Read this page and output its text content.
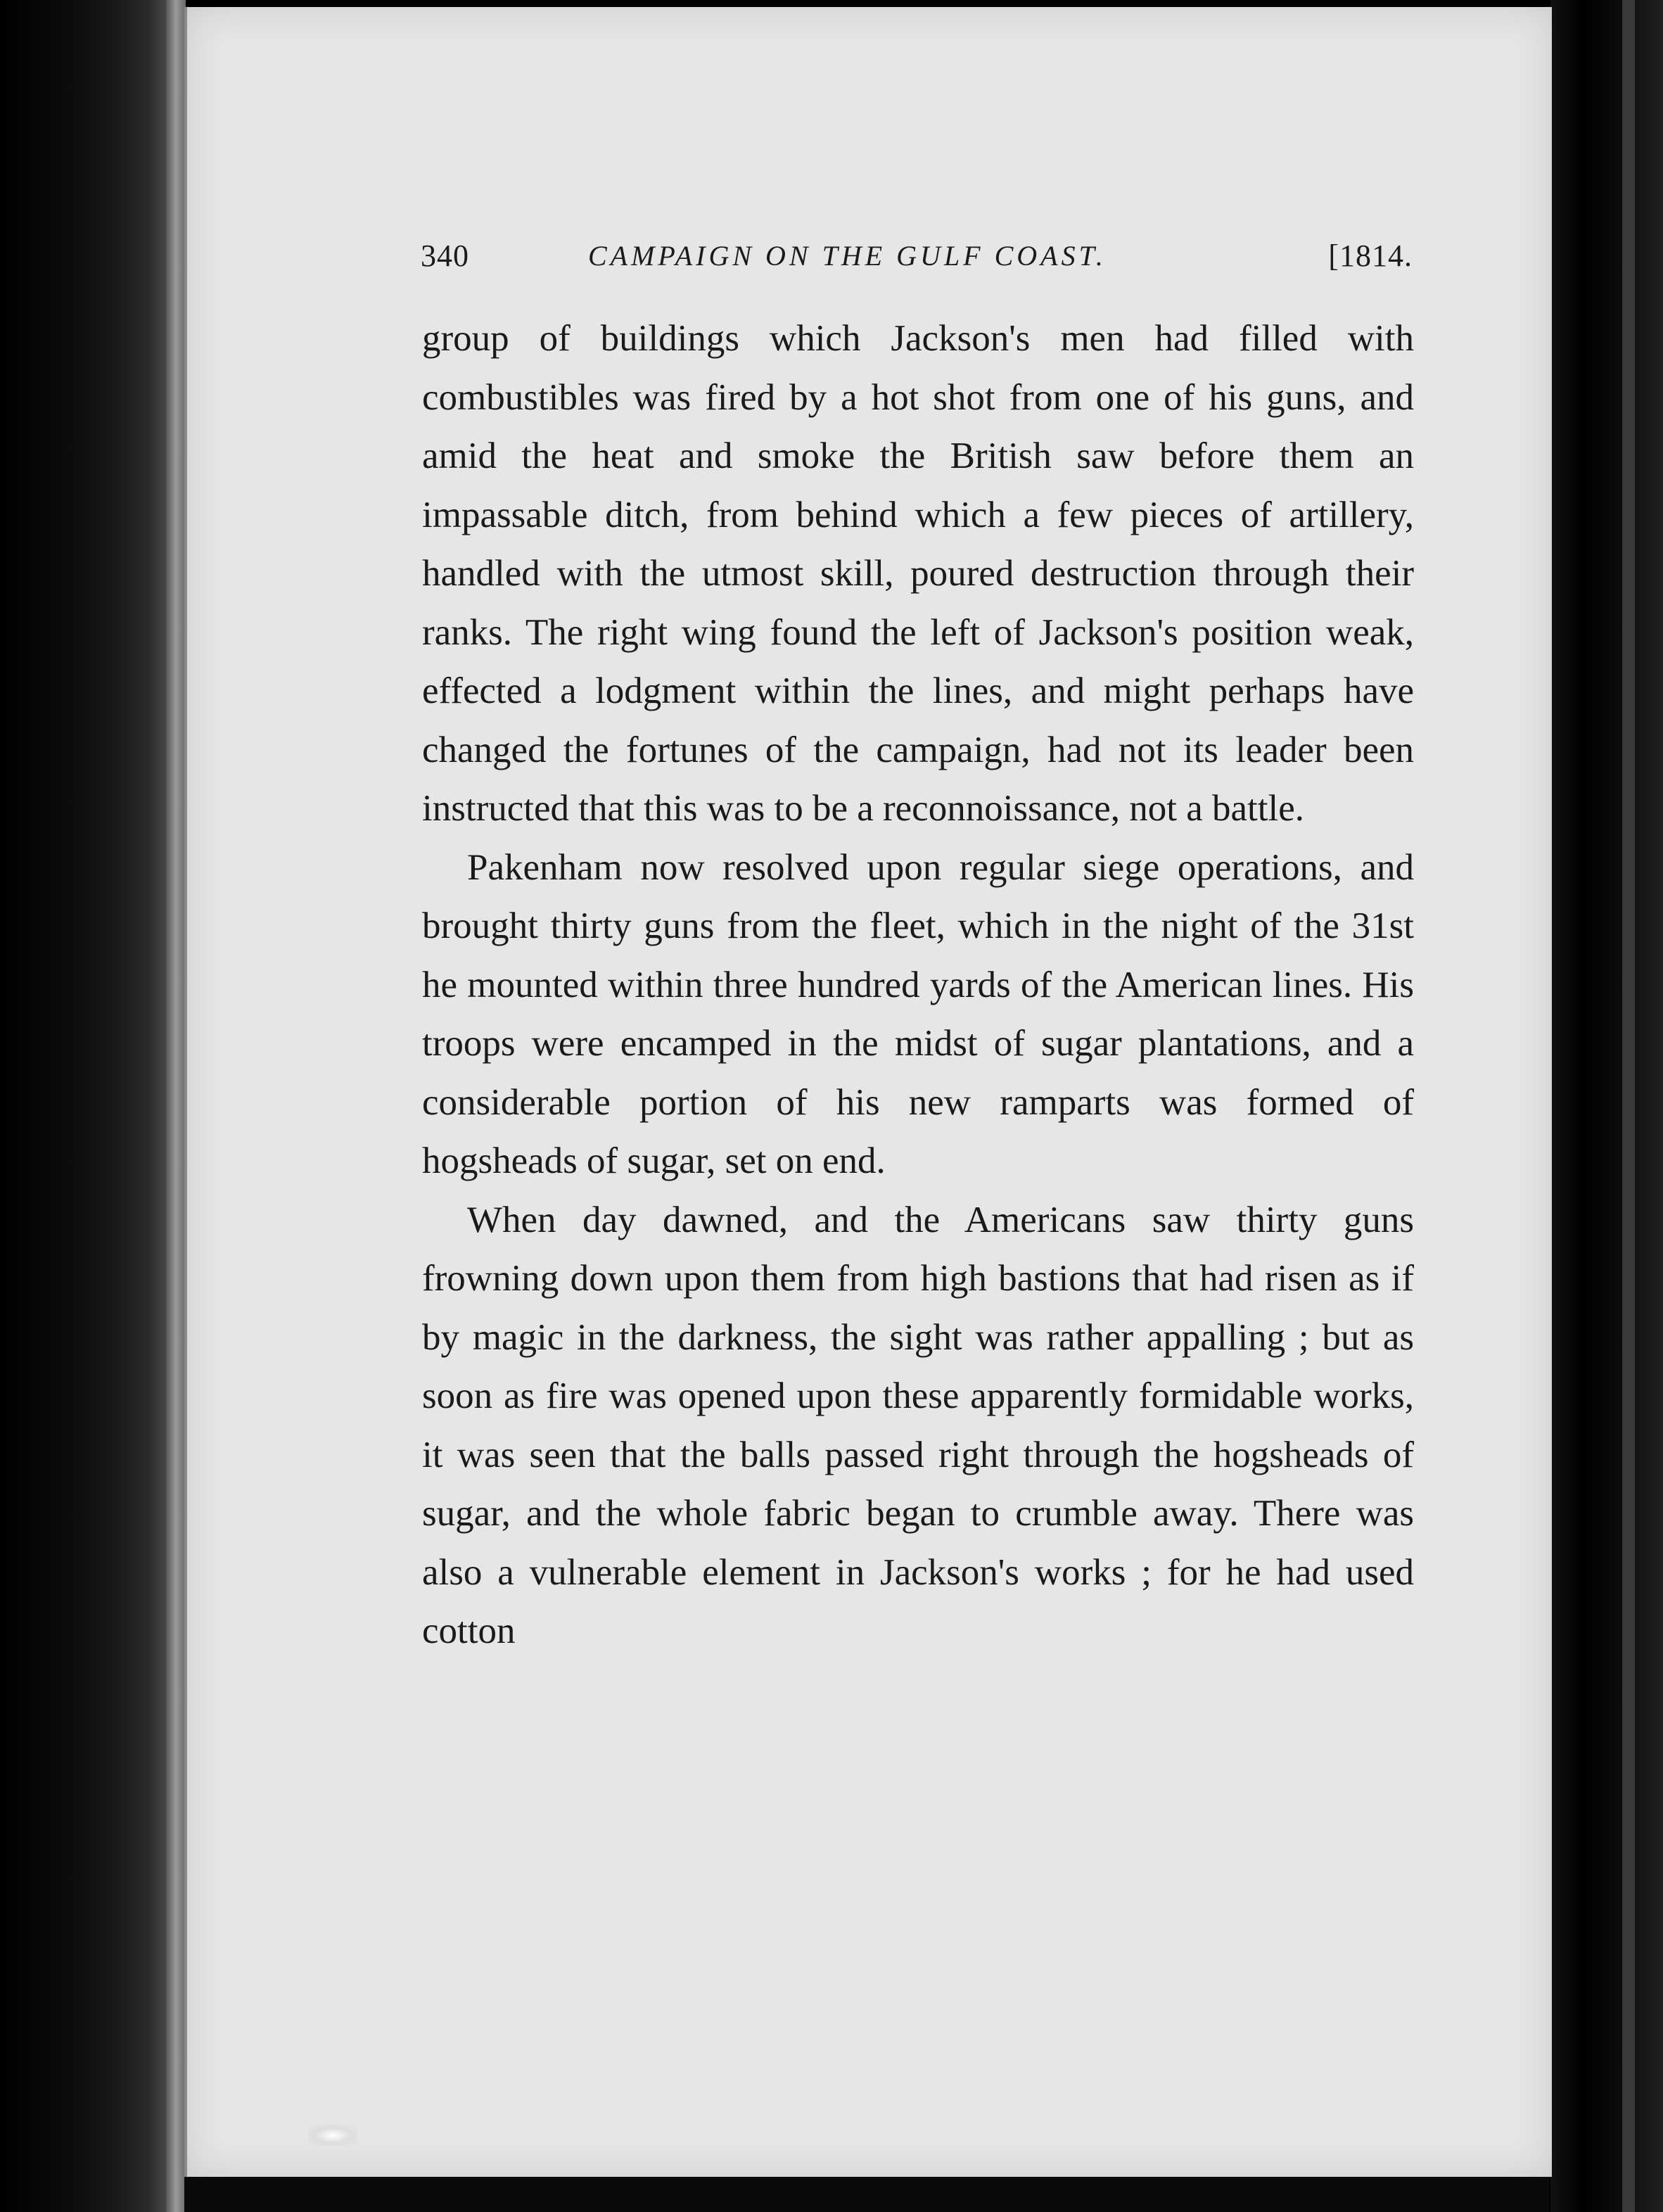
340	CAMPAIGN ON THE GULF COAST.	[1814.

group of buildings which Jackson's men had filled with combustibles was fired by a hot shot from one of his guns, and amid the heat and smoke the British saw before them an impassable ditch, from behind which a few pieces of artillery, handled with the utmost skill, poured destruction through their ranks. The right wing found the left of Jackson's position weak, effected a lodgment within the lines, and might perhaps have changed the fortunes of the campaign, had not its leader been instructed that this was to be a reconnoissance, not a battle.

Pakenham now resolved upon regular siege operations, and brought thirty guns from the fleet, which in the night of the 31st he mounted within three hundred yards of the American lines. His troops were encamped in the midst of sugar plantations, and a considerable portion of his new ramparts was formed of hogsheads of sugar, set on end.

When day dawned, and the Americans saw thirty guns frowning down upon them from high bastions that had risen as if by magic in the darkness, the sight was rather appalling ; but as soon as fire was opened upon these apparently formidable works, it was seen that the balls passed right through the hogsheads of sugar, and the whole fabric began to crumble away. There was also a vulnerable element in Jackson's works ; for he had used cotton
